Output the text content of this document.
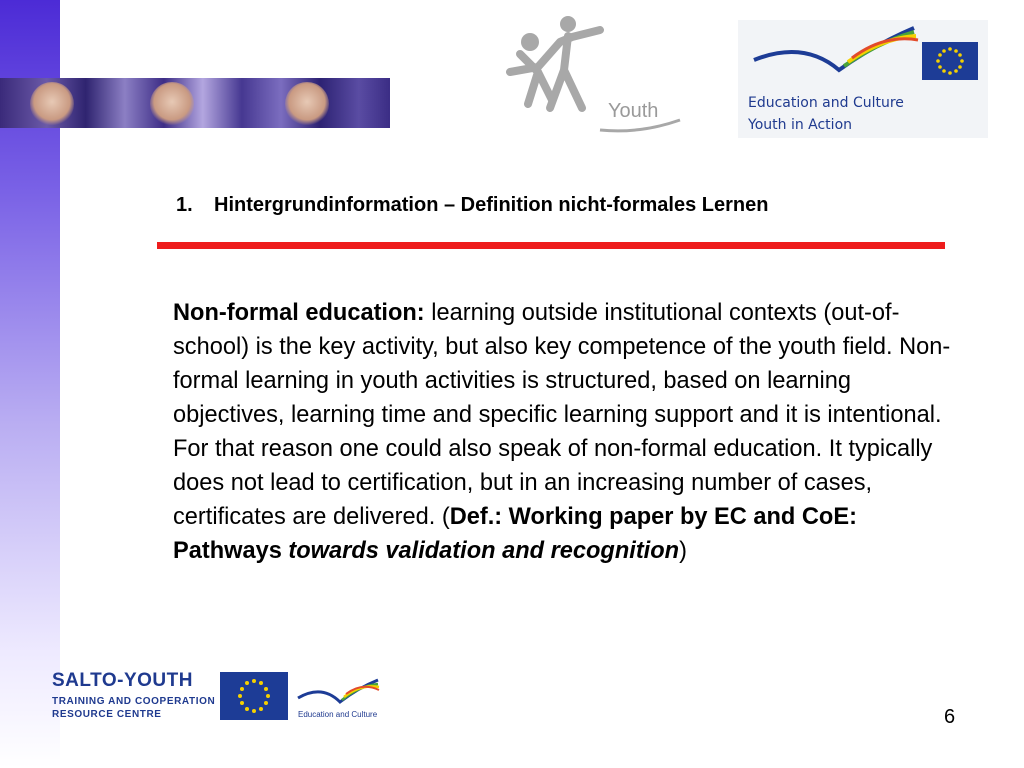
Youth	Education and Culture
Youth in Action
1. Hintergrundinformation – Definition nicht-formales Lernen
Non-formal education: learning outside institutional contexts (out-of-school) is the key activity, but also key competence of the youth field. Non-formal learning in youth activities is structured, based on learning objectives, learning time and specific learning support and it is intentional. For that reason one could also speak of non-formal education. It typically does not lead to certification, but in an increasing number of cases, certificates are delivered. (Def.: Working paper by EC and CoE: Pathways towards validation and recognition)
SALTO-YOUTH
TRAINING AND COOPERATION
RESOURCE CENTRE	Education and Culture	6
